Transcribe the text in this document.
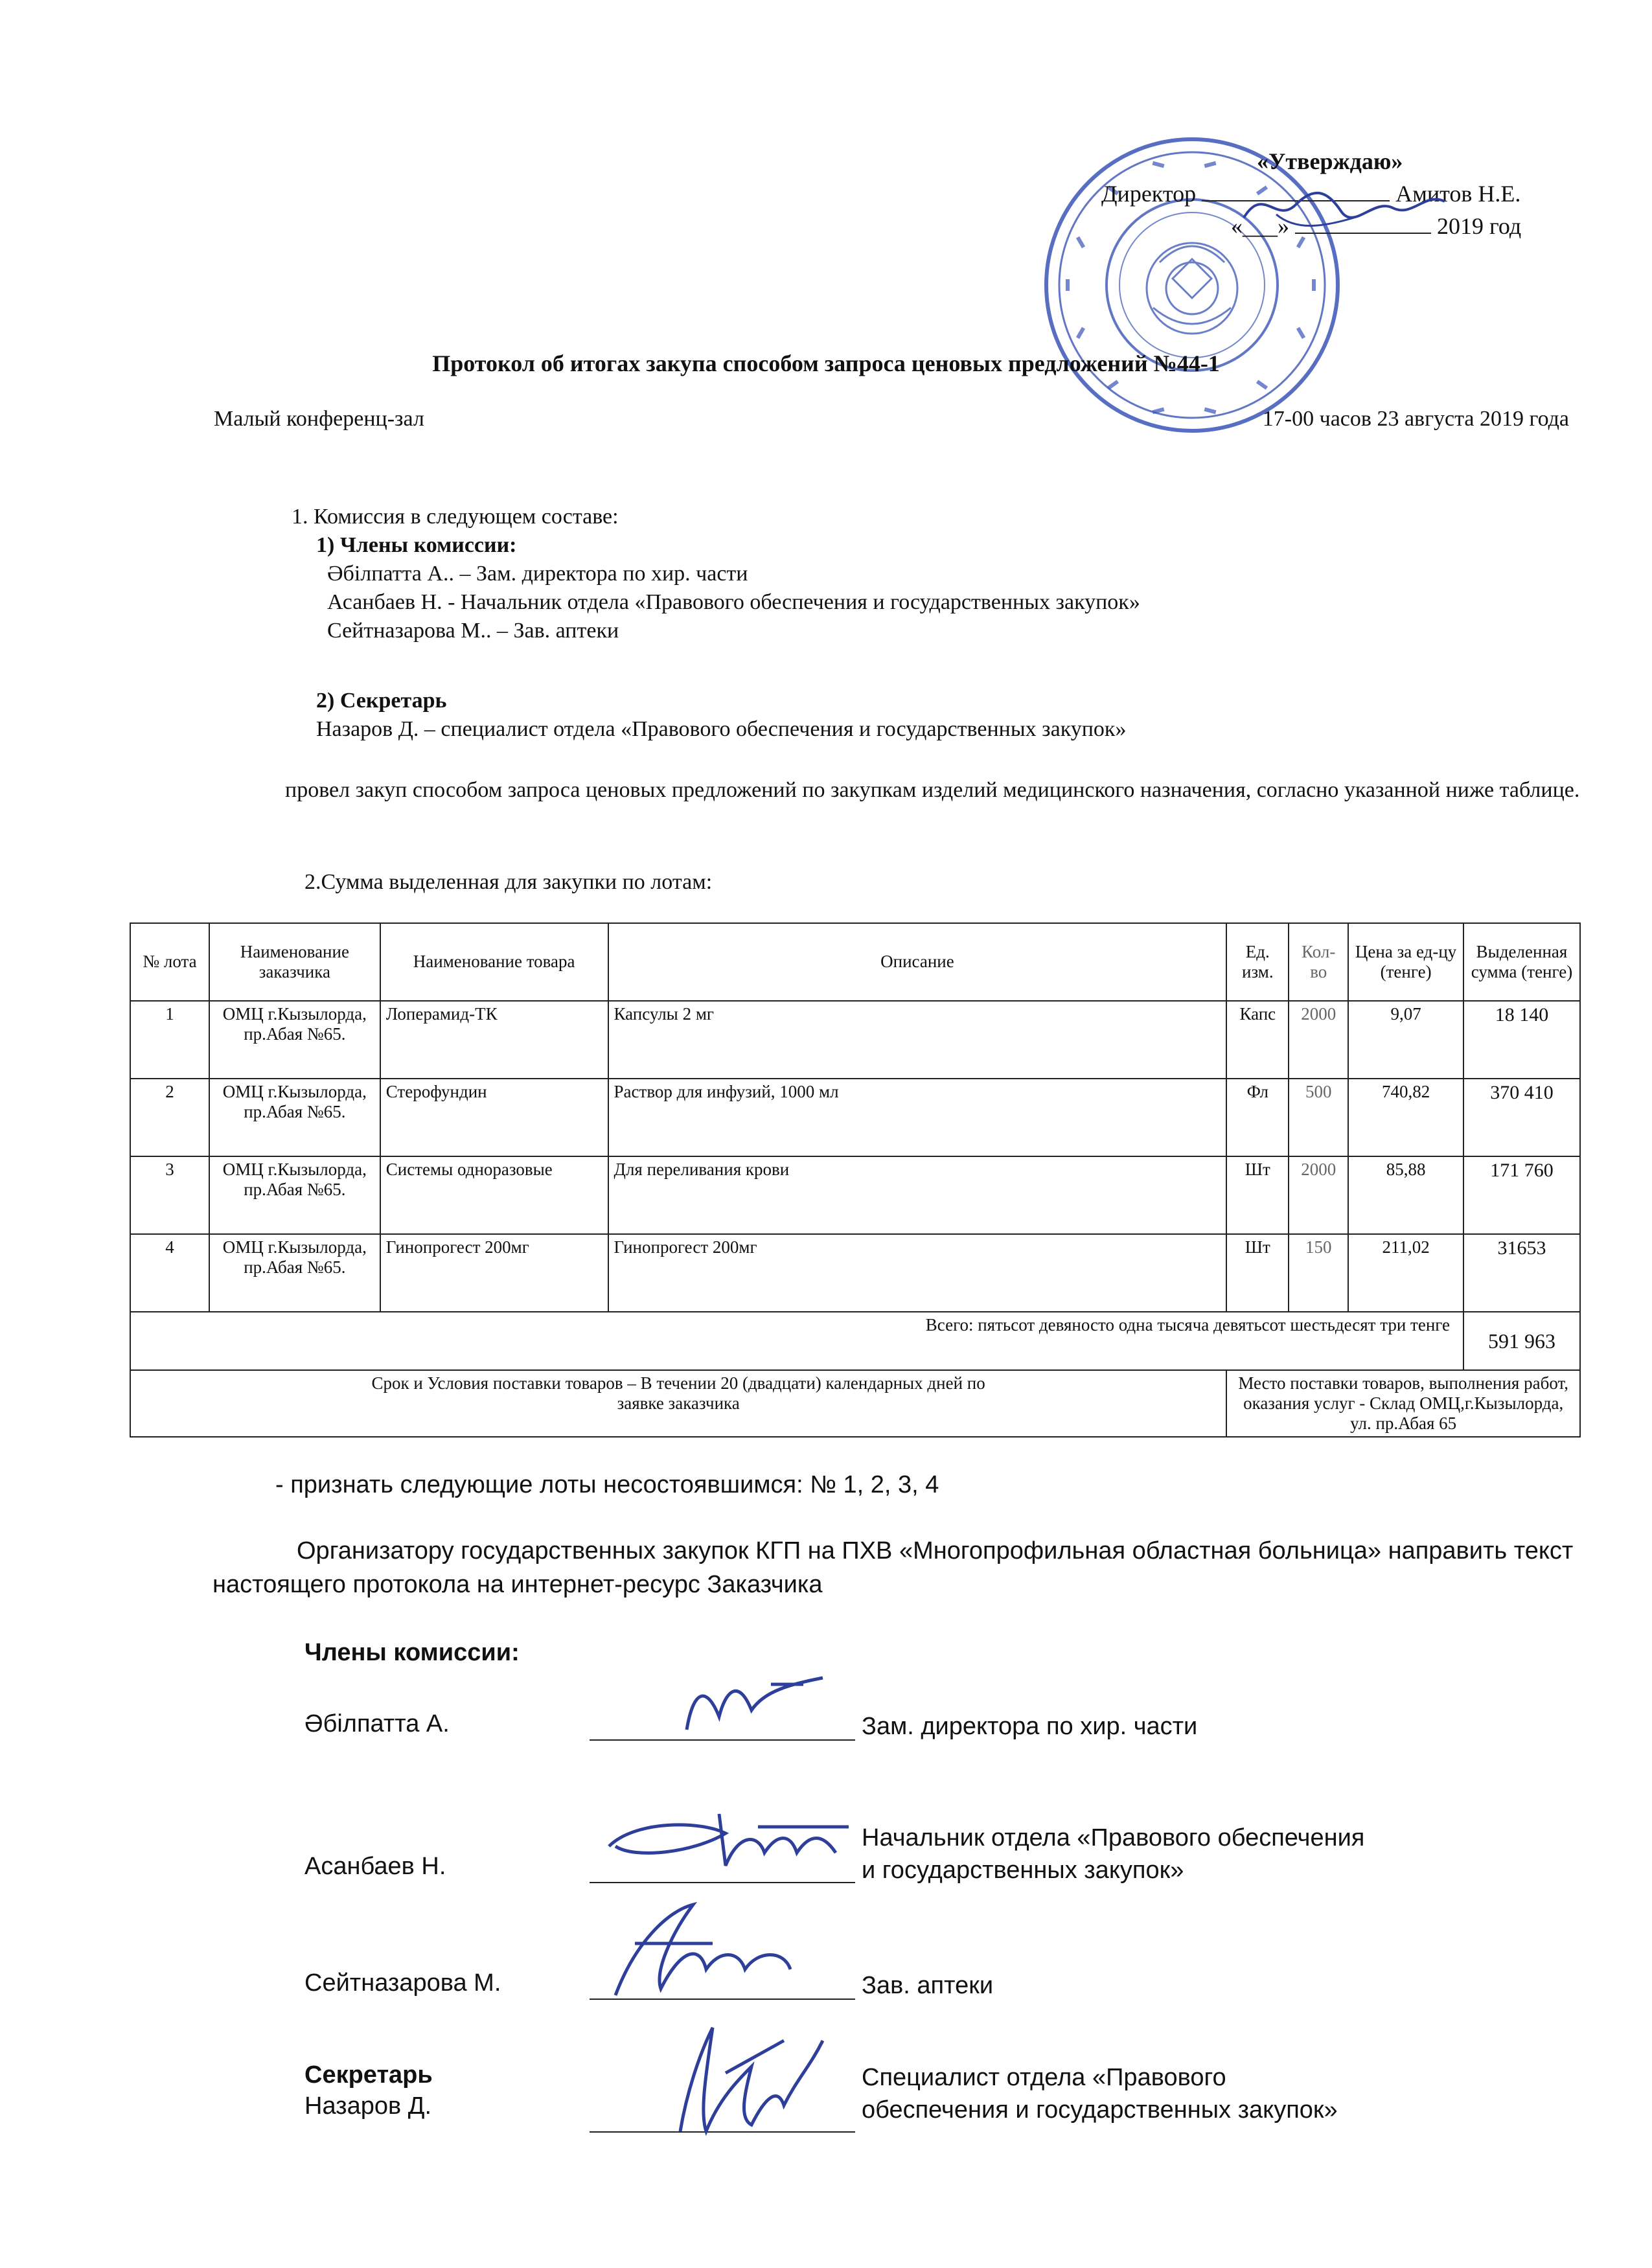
«Утверждаю»
Директор	Амитов Н.Е.
«___»	2019 год
Протокол об итогах закупа способом запроса ценовых предложений №44-1
Малый конференц-зал	17-00 часов 23 августа 2019 года
1. Комиссия в следующем составе:
1) Члены комиссии:
Әбілпатта А.. – Зам. директора по хир. части
Асанбаев Н. - Начальник отдела «Правового обеспечения и государственных закупок»
Сейтназарова М.. – Зав. аптеки
2) Секретарь
Назаров Д. – специалист отдела «Правового обеспечения и государственных закупок»
провел закуп способом запроса ценовых предложений по закупкам изделий медицинского назначения, согласно указанной ниже таблице.
2.Сумма выделенная для закупки по лотам:
№ лота	Наименование заказчика	Наименование товара	Описание	Ед. изм.	Кол-во	Цена за ед-цу (тенге)	Выделенная сумма (тенге)
1	ОМЦ г.Кызылорда, пр.Абая №65.	Лоперамид-ТК	Капсулы 2 мг	Капс	2000	9,07	18 140
2	ОМЦ г.Кызылорда, пр.Абая №65.	Стерофундин	Раствор для инфузий, 1000 мл	Фл	500	740,82	370 410
3	ОМЦ г.Кызылорда, пр.Абая №65.	Системы одноразовые	Для переливания крови	Шт	2000	85,88	171 760
4	ОМЦ г.Кызылорда, пр.Абая №65.	Гинопрогест 200мг	Гинопрогест 200мг	Шт	150	211,02	31653
Всего: пятьсот девяносто одна тысяча девятьсот шестьдесят три тенге							591 963

Срок и Условия поставки товаров – В течении 20 (двадцати) календарных дней по заявке заказчика				Место поставки товаров, выполнения работ, оказания услуг - Склад ОМЦ,г.Кызылорда, ул. пр.Абая 65			
- признать следующие лоты несостоявшимся: № 1, 2, 3, 4
Организатору государственных закупок КГП на ПХВ «Многопрофильная областная больница» направить текст настоящего протокола на интернет-ресурс Заказчика
Члены комиссии:
Әбілпатта А.	Зам. директора по хир. части
Асанбаев Н.
Начальник отдела «Правового обеспечения
и государственных закупок»
Сейтназарова М.	Зав. аптеки
Секретарь
Назаров Д.
Специалист отдела «Правового
обеспечения и государственных закупок»
